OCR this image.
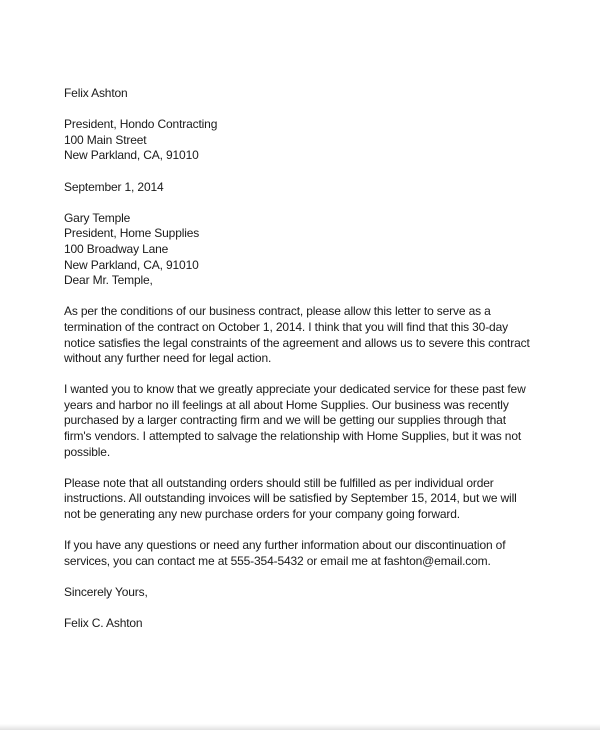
Felix Ashton
President, Hondo Contracting
100 Main Street
New Parkland, CA, 91010
September 1, 2014
Gary Temple
President, Home Supplies
100 Broadway Lane
New Parkland, CA, 91010
Dear Mr. Temple,
As per the conditions of our business contract, please allow this letter to serve as a
termination of the contract on October 1, 2014. I think that you will find that this 30-day
notice satisfies the legal constraints of the agreement and allows us to severe this contract
without any further need for legal action.
I wanted you to know that we greatly appreciate your dedicated service for these past few
years and harbor no ill feelings at all about Home Supplies. Our business was recently
purchased by a larger contracting firm and we will be getting our supplies through that
firm's vendors. I attempted to salvage the relationship with Home Supplies, but it was not
possible.
Please note that all outstanding orders should still be fulfilled as per individual order
instructions. All outstanding invoices will be satisfied by September 15, 2014, but we will
not be generating any new purchase orders for your company going forward.
If you have any questions or need any further information about our discontinuation of
services, you can contact me at 555-354-5432 or email me at fashton@email.com.
Sincerely Yours,
Felix C. Ashton
